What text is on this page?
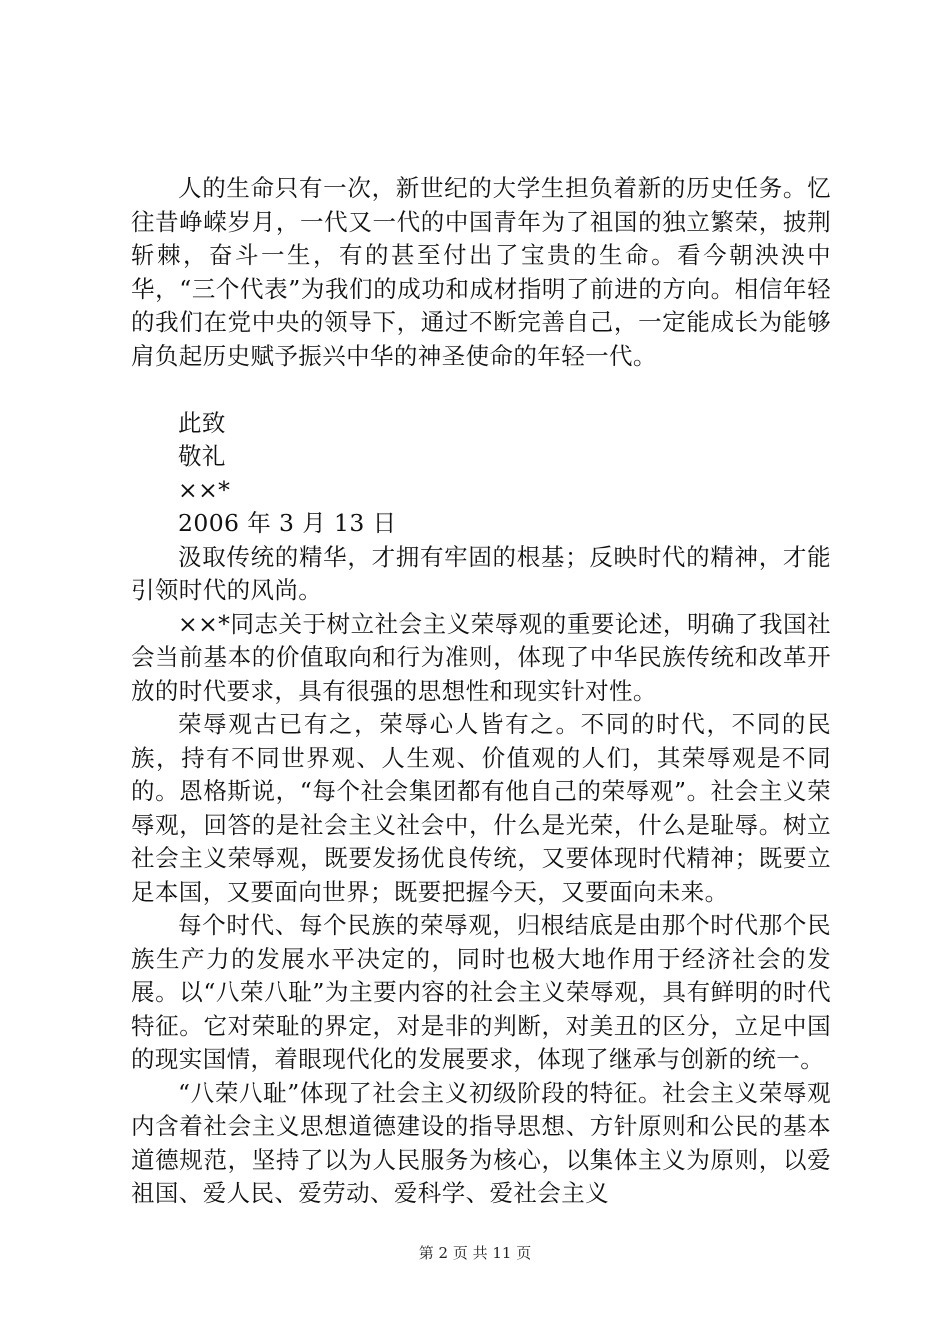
人的生命只有一次，新世纪的大学生担负着新的历史任务。忆往昔峥嵘岁月，一代又一代的中国青年为了祖国的独立繁荣，披荆斩棘，奋斗一生，有的甚至付出了宝贵的生命。看今朝泱泱中华，“三个代表”为我们的成功和成材指明了前进的方向。相信年轻的我们在党中央的领导下，通过不断完善自己，一定能成长为能够肩负起历史赋予振兴中华的神圣使命的年轻一代。

此致

敬礼

××*

2006 年 3 月 13 日

汲取传统的精华，才拥有牢固的根基；反映时代的精神，才能引领时代的风尚。

××*同志关于树立社会主义荣辱观的重要论述，明确了我国社会当前基本的价值取向和行为准则，体现了中华民族传统和改革开放的时代要求，具有很强的思想性和现实针对性。

荣辱观古已有之，荣辱心人皆有之。不同的时代，不同的民族，持有不同世界观、人生观、价值观的人们，其荣辱观是不同的。恩格斯说，“每个社会集团都有他自己的荣辱观”。社会主义荣辱观，回答的是社会主义社会中，什么是光荣，什么是耻辱。树立社会主义荣辱观，既要发扬优良传统，又要体现时代精神；既要立足本国，又要面向世界；既要把握今天，又要面向未来。

每个时代、每个民族的荣辱观，归根结底是由那个时代那个民族生产力的发展水平决定的，同时也极大地作用于经济社会的发展。以“八荣八耻”为主要内容的社会主义荣辱观，具有鲜明的时代特征。它对荣耻的界定，对是非的判断，对美丑的区分，立足中国的现实国情，着眼现代化的发展要求，体现了继承与创新的统一。

“八荣八耻”体现了社会主义初级阶段的特征。社会主义荣辱观内含着社会主义思想道德建设的指导思想、方针原则和公民的基本道德规范，坚持了以为人民服务为核心，以集体主义为原则，以爱祖国、爱人民、爱劳动、爱科学、爱社会主义

第 2 页 共 11 页
